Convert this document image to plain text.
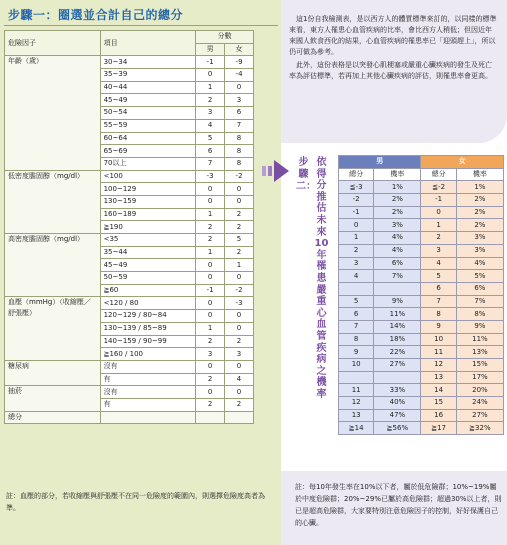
步驟一：圈選並合計自己的總分
危險因子	項目	分數	
		男	女
年齡（歲）	30~34	-1	-9
	35~39	0	-4
	40~44	1	0
	45~49	2	3
	50~54	3	6
	55~59	4	7
	60~64	5	8
	65~69	6	8
	70以上	7	8
低密度膽固醇（mg/dl）	<100	-3	-2
	100~129	0	0
	130~159	0	0
	160~189	1	2
	≧190	2	2
高密度膽固醇（mg/dl）	<35	2	5
	35~44	1	2
	45~49	0	1
	50~59	0	0
	≧60	-1	-2
血壓（mmHg）（收縮壓／舒張壓）	<120 / 80	0	-3
	120~129 / 80~84	0	0
	130~139 / 85~89	1	0
	140~159 / 90~99	2	2
	≧160 / 100	3	3
糖尿病	沒有	0	0
	有	2	4
抽菸	沒有	0	0
	有	2	2
總分			
註：血壓的部分，若收縮壓與舒張壓不在同一危險度的範圍內，則選擇危險度高者為準。

這1份自我檢測表，是以西方人的體質標準來訂的，以同樣的標準來看，東方人罹患心血管疾病的比率，會比西方人稍低；但因近年來國人飲食西化的結果，心血管疾病的罹患率已「迎頭趕上」，所以仍可做為參考。

此外，這份表格是以突發心肌梗塞或嚴重心臟疾病的發生及死亡率為評估標準，若再加上其他心臟疾病的評估，則罹患率會更高。

步驟二：
依得分推估未來10年罹患嚴重心血管疾病之機率
男		女	
總分	機率	總分	機率
≦-3	1%	≦-2	1%
-2	2%	-1	2%
-1	2%	0	2%
0	3%	1	2%
1	4%	2	3%
2	4%	3	3%
3	6%	4	4%
4	7%	5	5%
		6	6%
5	9%	7	7%
6	11%	8	8%
7	14%	9	9%
8	18%	10	11%
9	22%	11	13%
10	27%	12	15%
		13	17%
11	33%	14	20%
12	40%	15	24%
13	47%	16	27%
≧14	≧56%	≧17	≧32%
註：每10年發生率在10%以下者，屬於低危險群；10%~19%屬於中度危險群；20%~29%已屬於高危險群；超過30%以上者，則已是超高危險群，大家要特別注意危險因子的控制，好好保護自己的心臟。
